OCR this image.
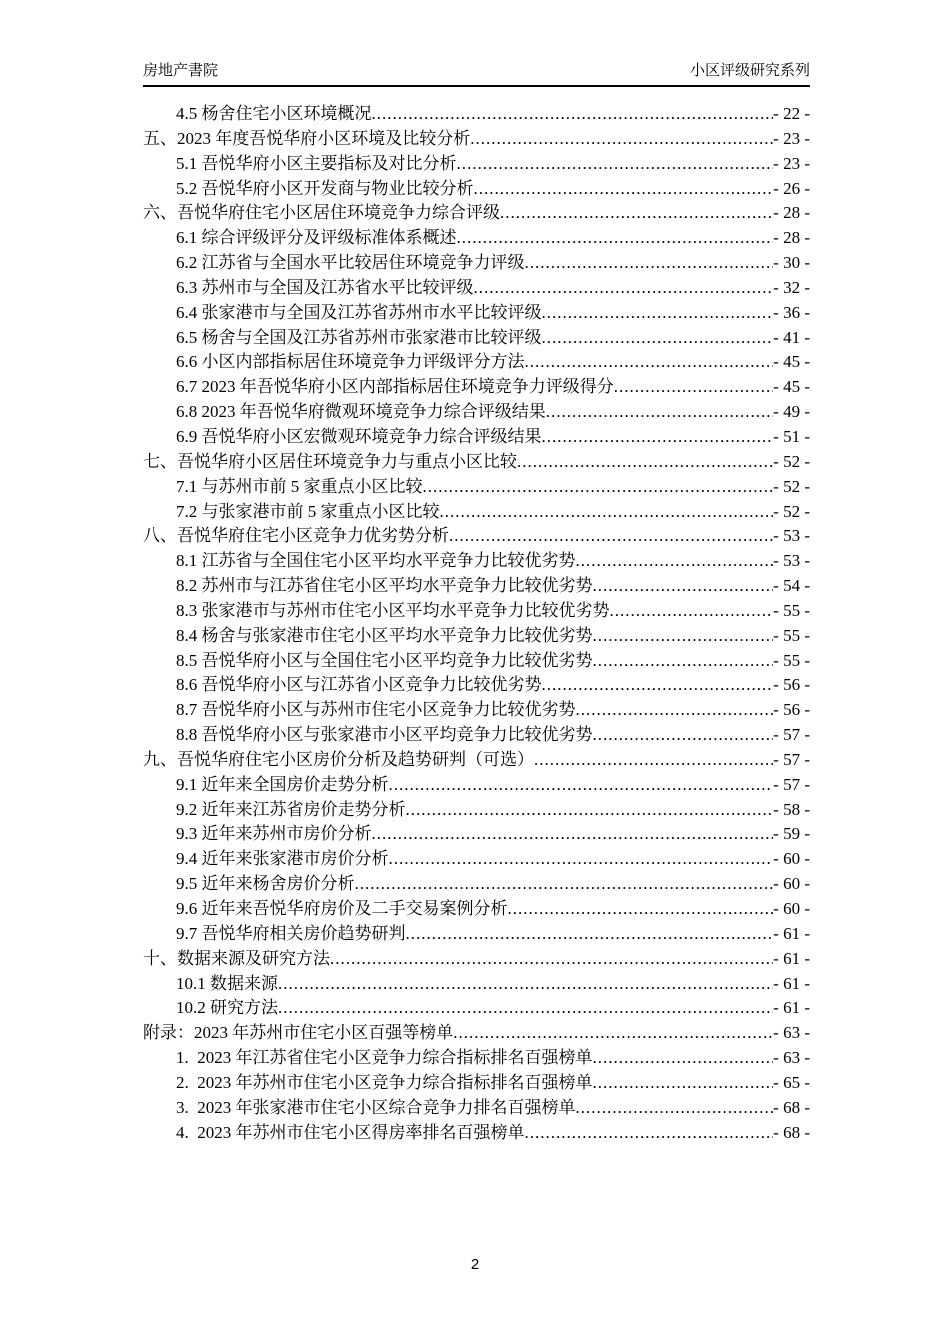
房地产書院	小区评级研究系列
4.5 杨舍住宅小区环境概况 .....	- 22 -
五、2023 年度吾悦华府小区环境及比较分析 .....	- 23 -
5.1 吾悦华府小区主要指标及对比分析 .....	- 23 -
5.2 吾悦华府小区开发商与物业比较分析 .....	- 26 -
六、吾悦华府住宅小区居住环境竞争力综合评级 .....	- 28 -
6.1 综合评级评分及评级标准体系概述 .....	- 28 -
6.2 江苏省与全国水平比较居住环境竞争力评级 .....	- 30 -
6.3 苏州市与全国及江苏省水平比较评级 .....	- 32 -
6.4 张家港市与全国及江苏省苏州市水平比较评级 .....	- 36 -
6.5 杨舍与全国及江苏省苏州市张家港市比较评级 .....	- 41 -
6.6 小区内部指标居住环境竞争力评级评分方法 .....	- 45 -
6.7 2023 年吾悦华府小区内部指标居住环境竞争力评级得分 .....	- 45 -
6.8 2023 年吾悦华府微观环境竞争力综合评级结果 .....	- 49 -
6.9 吾悦华府小区宏微观环境竞争力综合评级结果 .....	- 51 -
七、吾悦华府小区居住环境竞争力与重点小区比较 .....	- 52 -
7.1 与苏州市前 5 家重点小区比较 .....	- 52 -
7.2 与张家港市前 5 家重点小区比较 .....	- 52 -
八、吾悦华府住宅小区竞争力优劣势分析 .....	- 53 -
8.1 江苏省与全国住宅小区平均水平竞争力比较优劣势 .....	- 53 -
8.2 苏州市与江苏省住宅小区平均水平竞争力比较优劣势 .....	- 54 -
8.3 张家港市与苏州市住宅小区平均水平竞争力比较优劣势 .....	- 55 -
8.4 杨舍与张家港市住宅小区平均水平竞争力比较优劣势 .....	- 55 -
8.5 吾悦华府小区与全国住宅小区平均竞争力比较优劣势 .....	- 55 -
8.6 吾悦华府小区与江苏省小区竞争力比较优劣势 .....	- 56 -
8.7 吾悦华府小区与苏州市住宅小区竞争力比较优劣势 .....	- 56 -
8.8 吾悦华府小区与张家港市小区平均竞争力比较优劣势 .....	- 57 -
九、吾悦华府住宅小区房价分析及趋势研判（可选） .....	- 57 -
9.1 近年来全国房价走势分析 .....	- 57 -
9.2 近年来江苏省房价走势分析 .....	- 58 -
9.3 近年来苏州市房价分析 .....	- 59 -
9.4 近年来张家港市房价分析 .....	- 60 -
9.5 近年来杨舍房价分析 .....	- 60 -
9.6 近年来吾悦华府房价及二手交易案例分析 .....	- 60 -
9.7 吾悦华府相关房价趋势研判 .....	- 61 -
十、数据来源及研究方法 .....	- 61 -
10.1 数据来源 .....	- 61 -
10.2 研究方法 .....	- 61 -
附录：2023 年苏州市住宅小区百强等榜单 .....	- 63 -
1. 2023 年江苏省住宅小区竞争力综合指标排名百强榜单 .....	- 63 -
2. 2023 年苏州市住宅小区竞争力综合指标排名百强榜单 .....	- 65 -
3. 2023 年张家港市住宅小区综合竞争力排名百强榜单 .....	- 68 -
4. 2023 年苏州市住宅小区得房率排名百强榜单 .....	- 68 -
2
